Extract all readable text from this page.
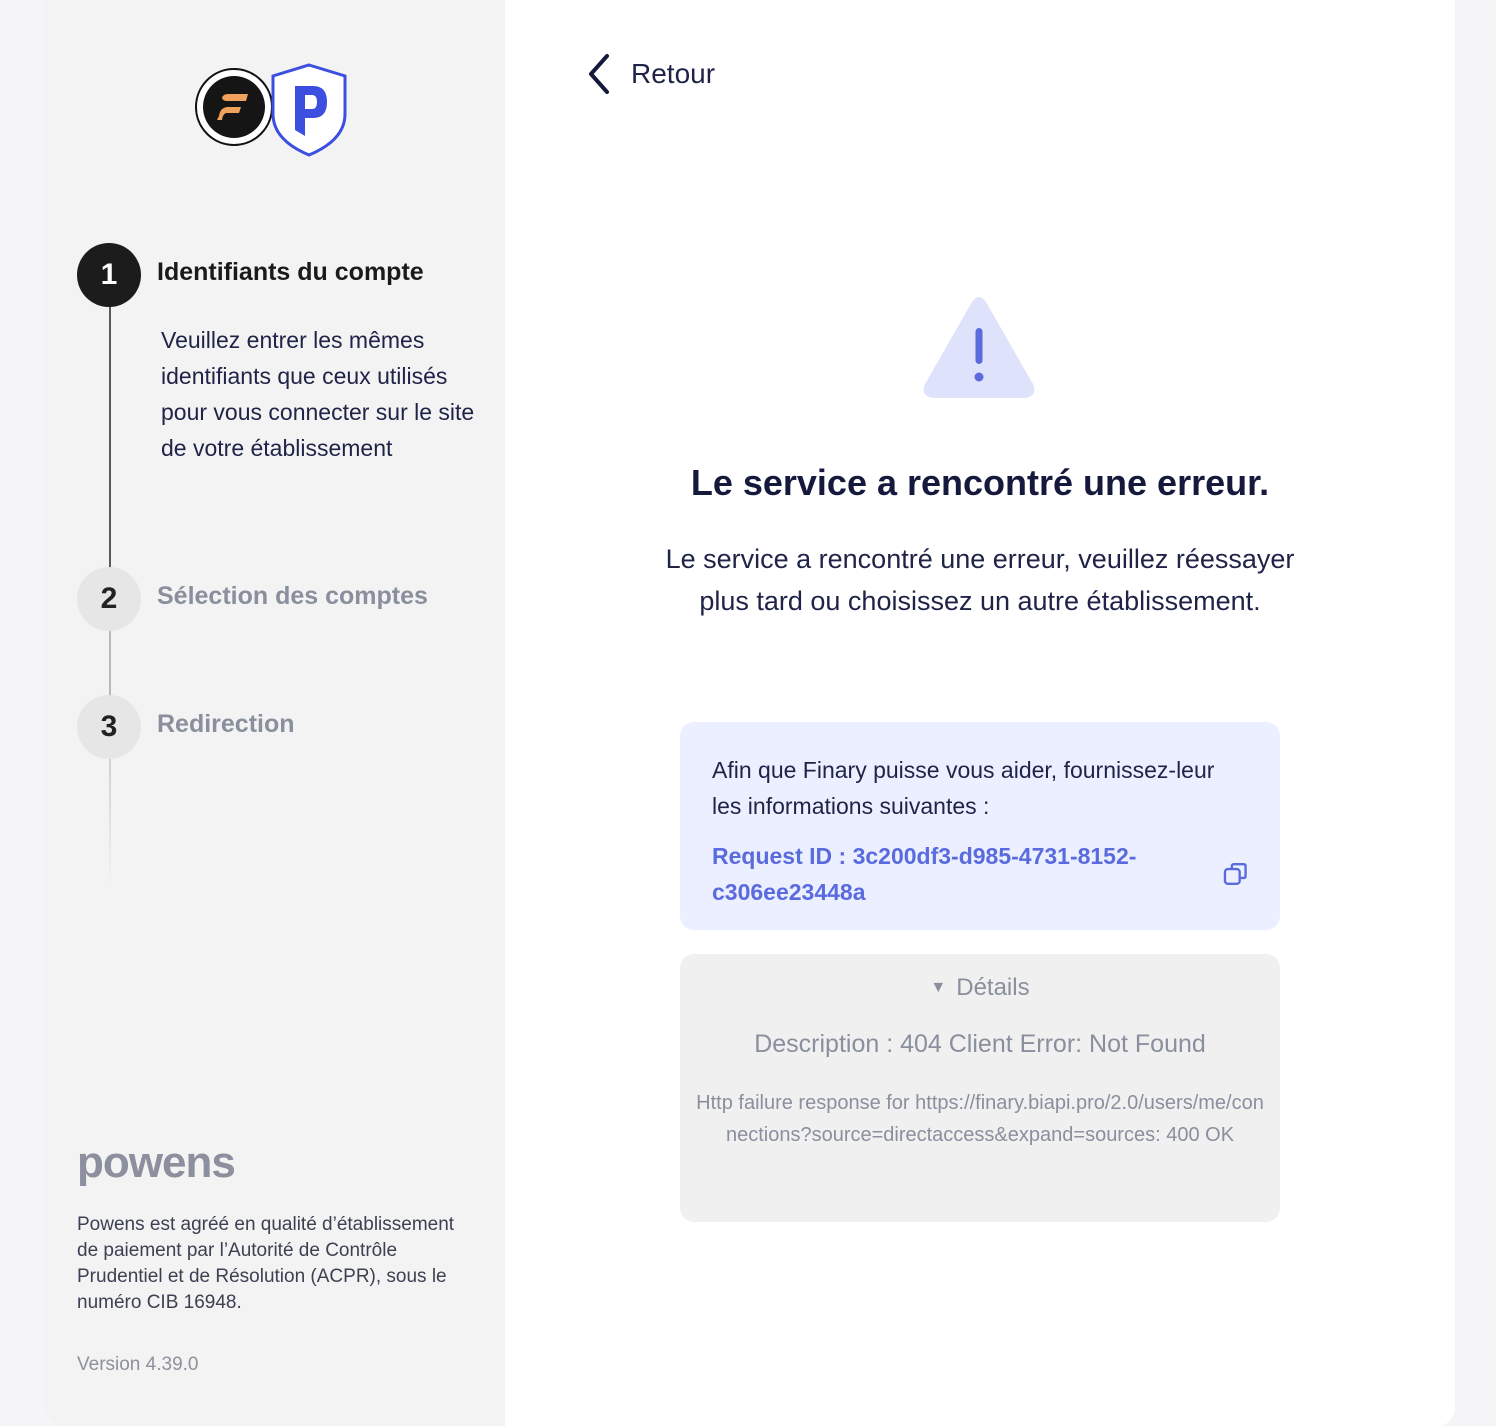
1	Identifiants du compte
Veuillez entrer les mêmes identifiants que ceux utilisés pour vous connecter sur le site de votre établissement
2	Sélection des comptes
3	Redirection
powens
Powens est agréé en qualité d’établissement de paiement par l’Autorité de Contrôle Prudentiel et de Résolution (ACPR), sous le numéro CIB 16948.
Version 4.39.0
Retour
Le service a rencontré une erreur.
Le service a rencontré une erreur, veuillez réessayer plus tard ou choisissez un autre établissement.
Afin que Finary puisse vous aider, fournissez-leur les informations suivantes :
Request ID : 3c200df3-d985-4731-8152-c306ee23448a
▼ Détails
Description : 404 Client Error: Not Found
Http failure response for https://finary.biapi.pro/2.0/users/me/connections?source=directaccess&expand=sources: 400 OK
